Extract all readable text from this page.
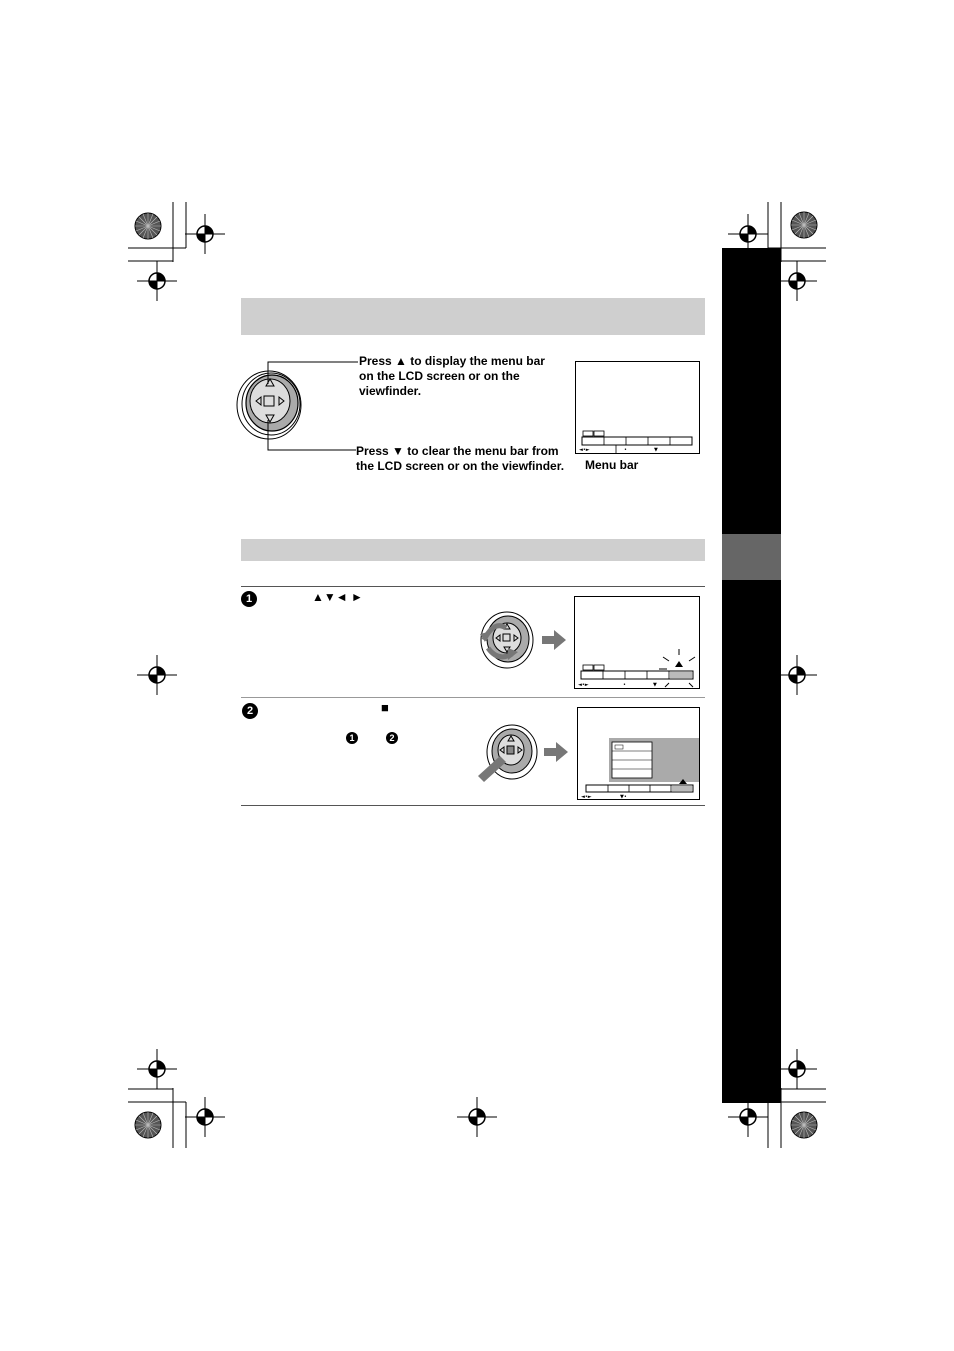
Press ▲ to display the menu bar
on the LCD screen or on the
viewfinder.
Press ▼ to clear the menu bar from
the LCD screen or on the viewfinder.
◄•►	•	▼
Menu bar
1	▲▼◄ ►
◄•►	•	▼
2	■
1	2
◄•►	▼•
